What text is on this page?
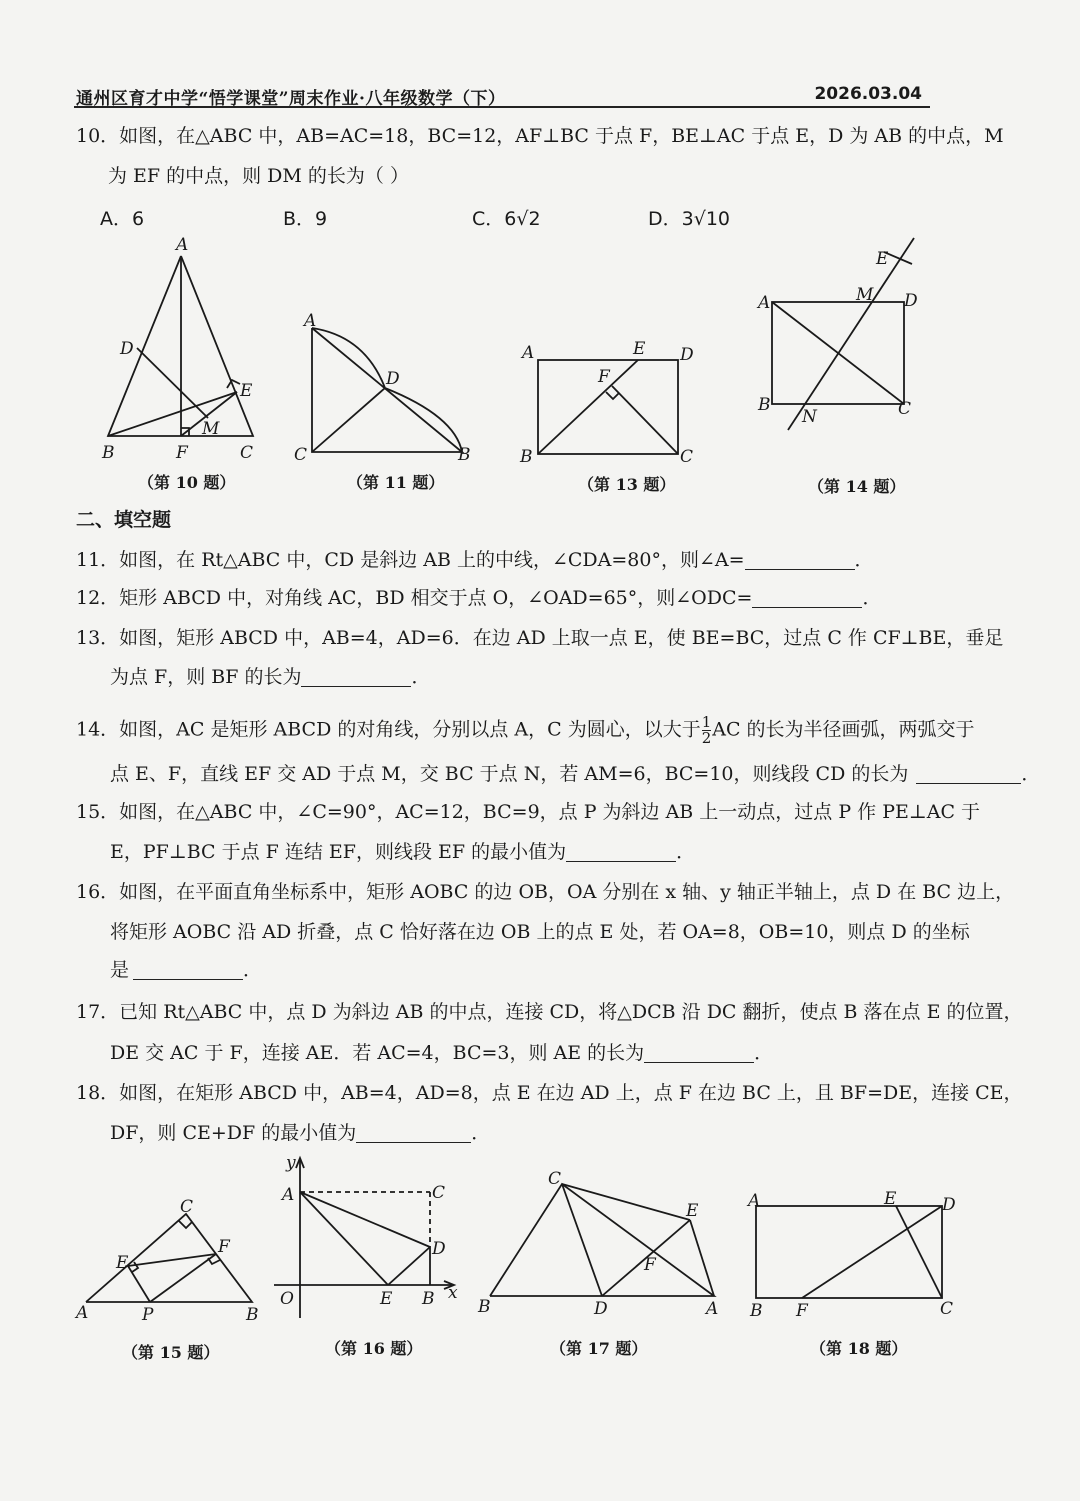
通州区育才中学“悟学课堂”周末作业·八年级数学（下）	2026.03.04
10．如图，在△ABC 中，AB=AC=18，BC=12，AF⊥BC 于点 F，BE⊥AC 于点 E，D 为 AB 的中点，M
为 EF 的中点，则 DM 的长为（ ）
A．6	B．9	C．6√2	D．3√10
A
D
E
B	F
M
C
（第 10 题）
A
D
C	B
（第 11 题）
A	E D
F
B	C
（第 13 题）
E
A	M D
B
N	C
（第 14 题）
二、填空题
11．如图，在 Rt△ABC 中，CD 是斜边 AB 上的中线，∠CDA=80°，则∠A=	．
12．矩形 ABCD 中，对角线 AC，BD 相交于点 O，∠OAD=65°，则∠ODC=	．
13．如图，矩形 ABCD 中，AB=4，AD=6．在边 AD 上取一点 E，使 BE=BC，过点 C 作 CF⊥BE，垂足
为点 F，则 BF 的长为	．
14．如图，AC 是矩形 ABCD 的对角线，分别以点 A，C 为圆心，以大于 $\frac{1}{2}$ AC 的长为半径画弧，两弧交于
点 E、F，直线 EF 交 AD 于点 M，交 BC 于点 N，若 AM=6，BC=10，则线段 CD 的长为	．
15．如图，在△ABC 中，∠C=90°，AC=12，BC=9，点 P 为斜边 AB 上一动点，过点 P 作 PE⊥AC 于
E，PF⊥BC 于点 F 连结 EF，则线段 EF 的最小值为	．
16．如图，在平面直角坐标系中，矩形 AOBC 的边 OB，OA 分别在 x 轴、y 轴正半轴上，点 D 在 BC 边上，
将矩形 AOBC 沿 AD 折叠，点 C 恰好落在边 OB 上的点 E 处，若 OA=8，OB=10，则点 D 的坐标
是	．
17．已知 Rt△ABC 中，点 D 为斜边 AB 的中点，连接 CD，将△DCB 沿 DC 翻折，使点 B 落在点 E 的位置，
DE 交 AC 于 F，连接 AE．若 AC=4，BC=3，则 AE 的长为	．
18．如图，在矩形 ABCD 中，AB=4，AD=8，点 E 在边 AD 上，点 F 在边 BC 上，且 BF=DE，连接 CE，
DF，则 CE+DF 的最小值为	．
C
E
F
A	P	B
（第 15 题）
y
A	C
D
O	E B x
（第 16 题）
C
E
F
B	D	A
（第 17 题）
A	E	D
B F	C
（第 18 题）
